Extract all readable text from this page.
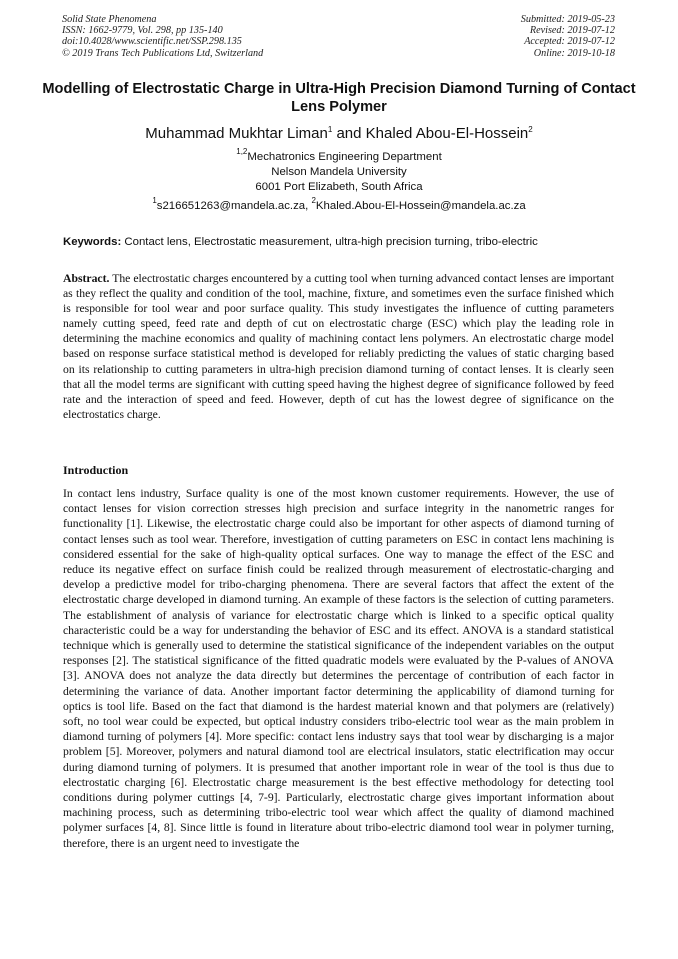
Solid State Phenomena
ISSN: 1662-9779, Vol. 298, pp 135-140
doi:10.4028/www.scientific.net/SSP.298.135
© 2019 Trans Tech Publications Ltd, Switzerland
Submitted: 2019-05-23
Revised: 2019-07-12
Accepted: 2019-07-12
Online: 2019-10-18
Modelling of Electrostatic Charge in Ultra-High Precision Diamond Turning of Contact Lens Polymer
Muhammad Mukhtar Liman$^1$ and Khaled Abou-El-Hossein$^2$
$^{1,2}$Mechatronics Engineering Department
Nelson Mandela University
6001 Port Elizabeth, South Africa
$^1$s216651263@mandela.ac.za, $^2$Khaled.Abou-El-Hossein@mandela.ac.za
Keywords: Contact lens, Electrostatic measurement, ultra-high precision turning, tribo-electric
Abstract. The electrostatic charges encountered by a cutting tool when turning advanced contact lenses are important as they reflect the quality and condition of the tool, machine, fixture, and sometimes even the surface finished which is responsible for tool wear and poor surface quality. This study investigates the influence of cutting parameters namely cutting speed, feed rate and depth of cut on electrostatic charge (ESC) which play the leading role in determining the machine economics and quality of machining contact lens polymers. An electrostatic charge model based on response surface statistical method is developed for reliably predicting the values of static charging based on its relationship to cutting parameters in ultra-high precision diamond turning of contact lenses. It is clearly seen that all the model terms are significant with cutting speed having the highest degree of significance followed by feed rate and the interaction of speed and feed. However, depth of cut has the lowest degree of significance on the electrostatics charge.
Introduction
In contact lens industry, Surface quality is one of the most known customer requirements. However, the use of contact lenses for vision correction stresses high precision and surface integrity in the nanometric ranges for functionality [1]. Likewise, the electrostatic charge could also be important for other aspects of diamond turning of contact lenses such as tool wear. Therefore, investigation of cutting parameters on ESC in contact lens machining is considered essential for the sake of high-quality optical surfaces. One way to manage the effect of the ESC and reduce its negative effect on surface finish could be realized through measurement of electrostatic-charging and develop a predictive model for tribo-charging phenomena. There are several factors that affect the extent of the electrostatic charge developed in diamond turning. An example of these factors is the selection of cutting parameters. The establishment of analysis of variance for electrostatic charge which is linked to a specific optical quality characteristic could be a way for understanding the behavior of ESC and its effect. ANOVA is a standard statistical technique which is generally used to determine the statistical significance of the independent variables on the output responses [2]. The statistical significance of the fitted quadratic models were evaluated by the P-values of ANOVA [3]. ANOVA does not analyze the data directly but determines the percentage of contribution of each factor in determining the variance of data. Another important factor determining the applicability of diamond turning for optics is tool life. Based on the fact that diamond is the hardest material known and that polymers are (relatively) soft, no tool wear could be expected, but optical industry considers tribo-electric tool wear as the main problem in diamond turning of polymers [4]. More specific: contact lens industry says that tool wear by discharging is a major problem [5]. Moreover, polymers and natural diamond tool are electrical insulators, static electrification may occur during diamond turning of polymers. It is presumed that another important role in wear of the tool is thus due to electrostatic charging [6]. Electrostatic charge measurement is the best effective methodology for detecting tool conditions during polymer cuttings [4, 7-9]. Particularly, electrostatic charge gives important information about machining process, such as determining tribo-electric tool wear which affect the quality of diamond machined polymer surfaces [4, 8]. Since little is found in literature about tribo-electric diamond tool wear in polymer turning, therefore, there is an urgent need to investigate the
